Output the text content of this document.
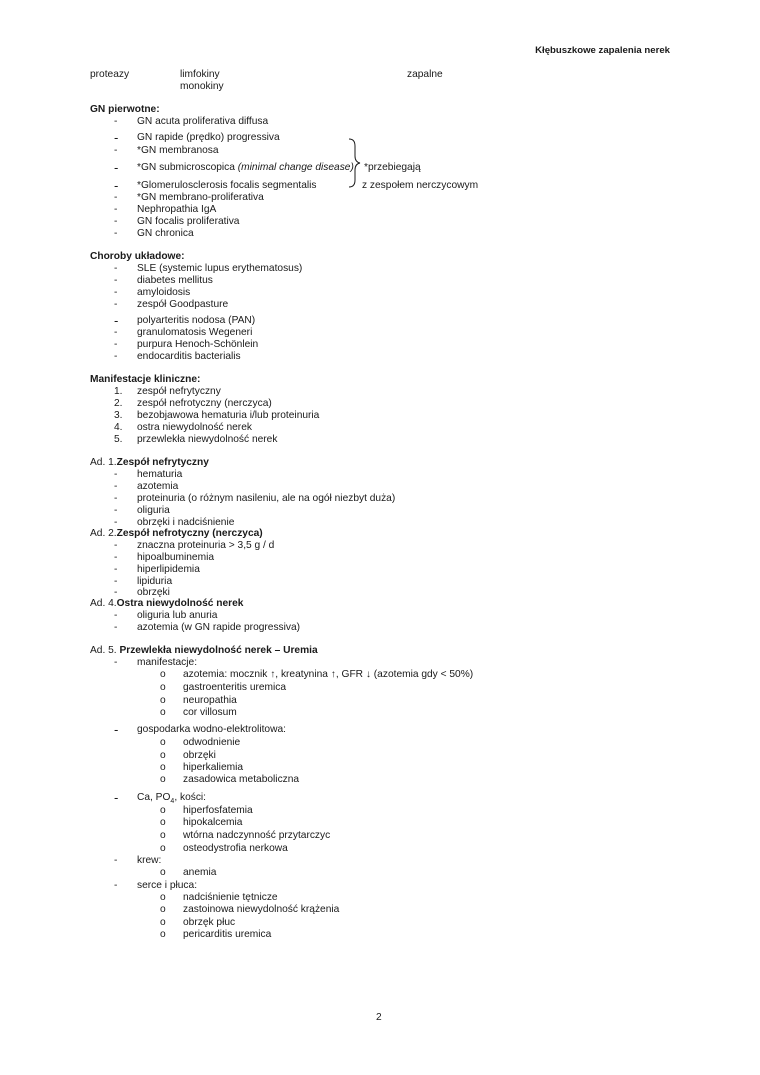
Kłębuszkowe zapalenia nerek
proteazy	limfokiny
monokiny
zapalne
GN pierwotne:
- GN acuta proliferativa diffusa
- GN rapide (prędko) progressiva
- *GN membranosa
- *GN submicroscopica (minimal change disease)
- *Glomerulosclerosis focalis segmentalis
- *GN membrano-proliferativa
- Nephropathia IgA
- GN focalis proliferativa
- GN chronica
*przebiegają
z zespołem nerczycowym
Choroby układowe:
- SLE (systemic lupus erythematosus)
- diabetes mellitus
- amyloidosis
- zespół Goodpasture
- polyarteritis nodosa (PAN)
- granulomatosis Wegeneri
- purpura Henoch-Schönlein
- endocarditis bacterialis
Manifestacje kliniczne:
1. zespół nefrytyczny
2. zespół nefrotyczny (nerczyca)
3. bezobjawowa hematuria i/lub proteinuria
4. ostra niewydolność nerek
5. przewlekła niewydolność nerek
Ad. 1.Zespół nefrytyczny
- hematuria
- azotemia
- proteinuria (o różnym nasileniu, ale na ogół niezbyt duża)
- oliguria
- obrzęki i nadciśnienie
Ad. 2.Zespół nefrotyczny (nerczyca)
- znaczna proteinuria > 3,5 g / d
- hipoalbuminemia
- hiperlipidemia
- lipiduria
- obrzęki
Ad. 4.Ostra niewydolność nerek
- oliguria lub anuria
- azotemia (w GN rapide progressiva)
Ad. 5. Przewlekła niewydolność nerek – Uremia
- manifestacje:
o azotemia: mocznik ↑, kreatynina ↑, GFR ↓ (azotemia gdy < 50%)
o gastroenteritis uremica
o neuropathia
o cor villosum
- gospodarka wodno-elektrolitowa:
o odwodnienie
o obrzęki
o hiperkaliemia
o zasadowica metaboliczna
- Ca, $PO_4$, kości:
o hiperfosfatemia
o hipokalcemia
o wtórna nadczynność przytarczyc
o osteodystrofia nerkowa
- krew:
o anemia
- serce i płuca:
o nadciśnienie tętnicze
o zastoinowa niewydolność krążenia
o obrzęk płuc
o pericarditis uremica
2
